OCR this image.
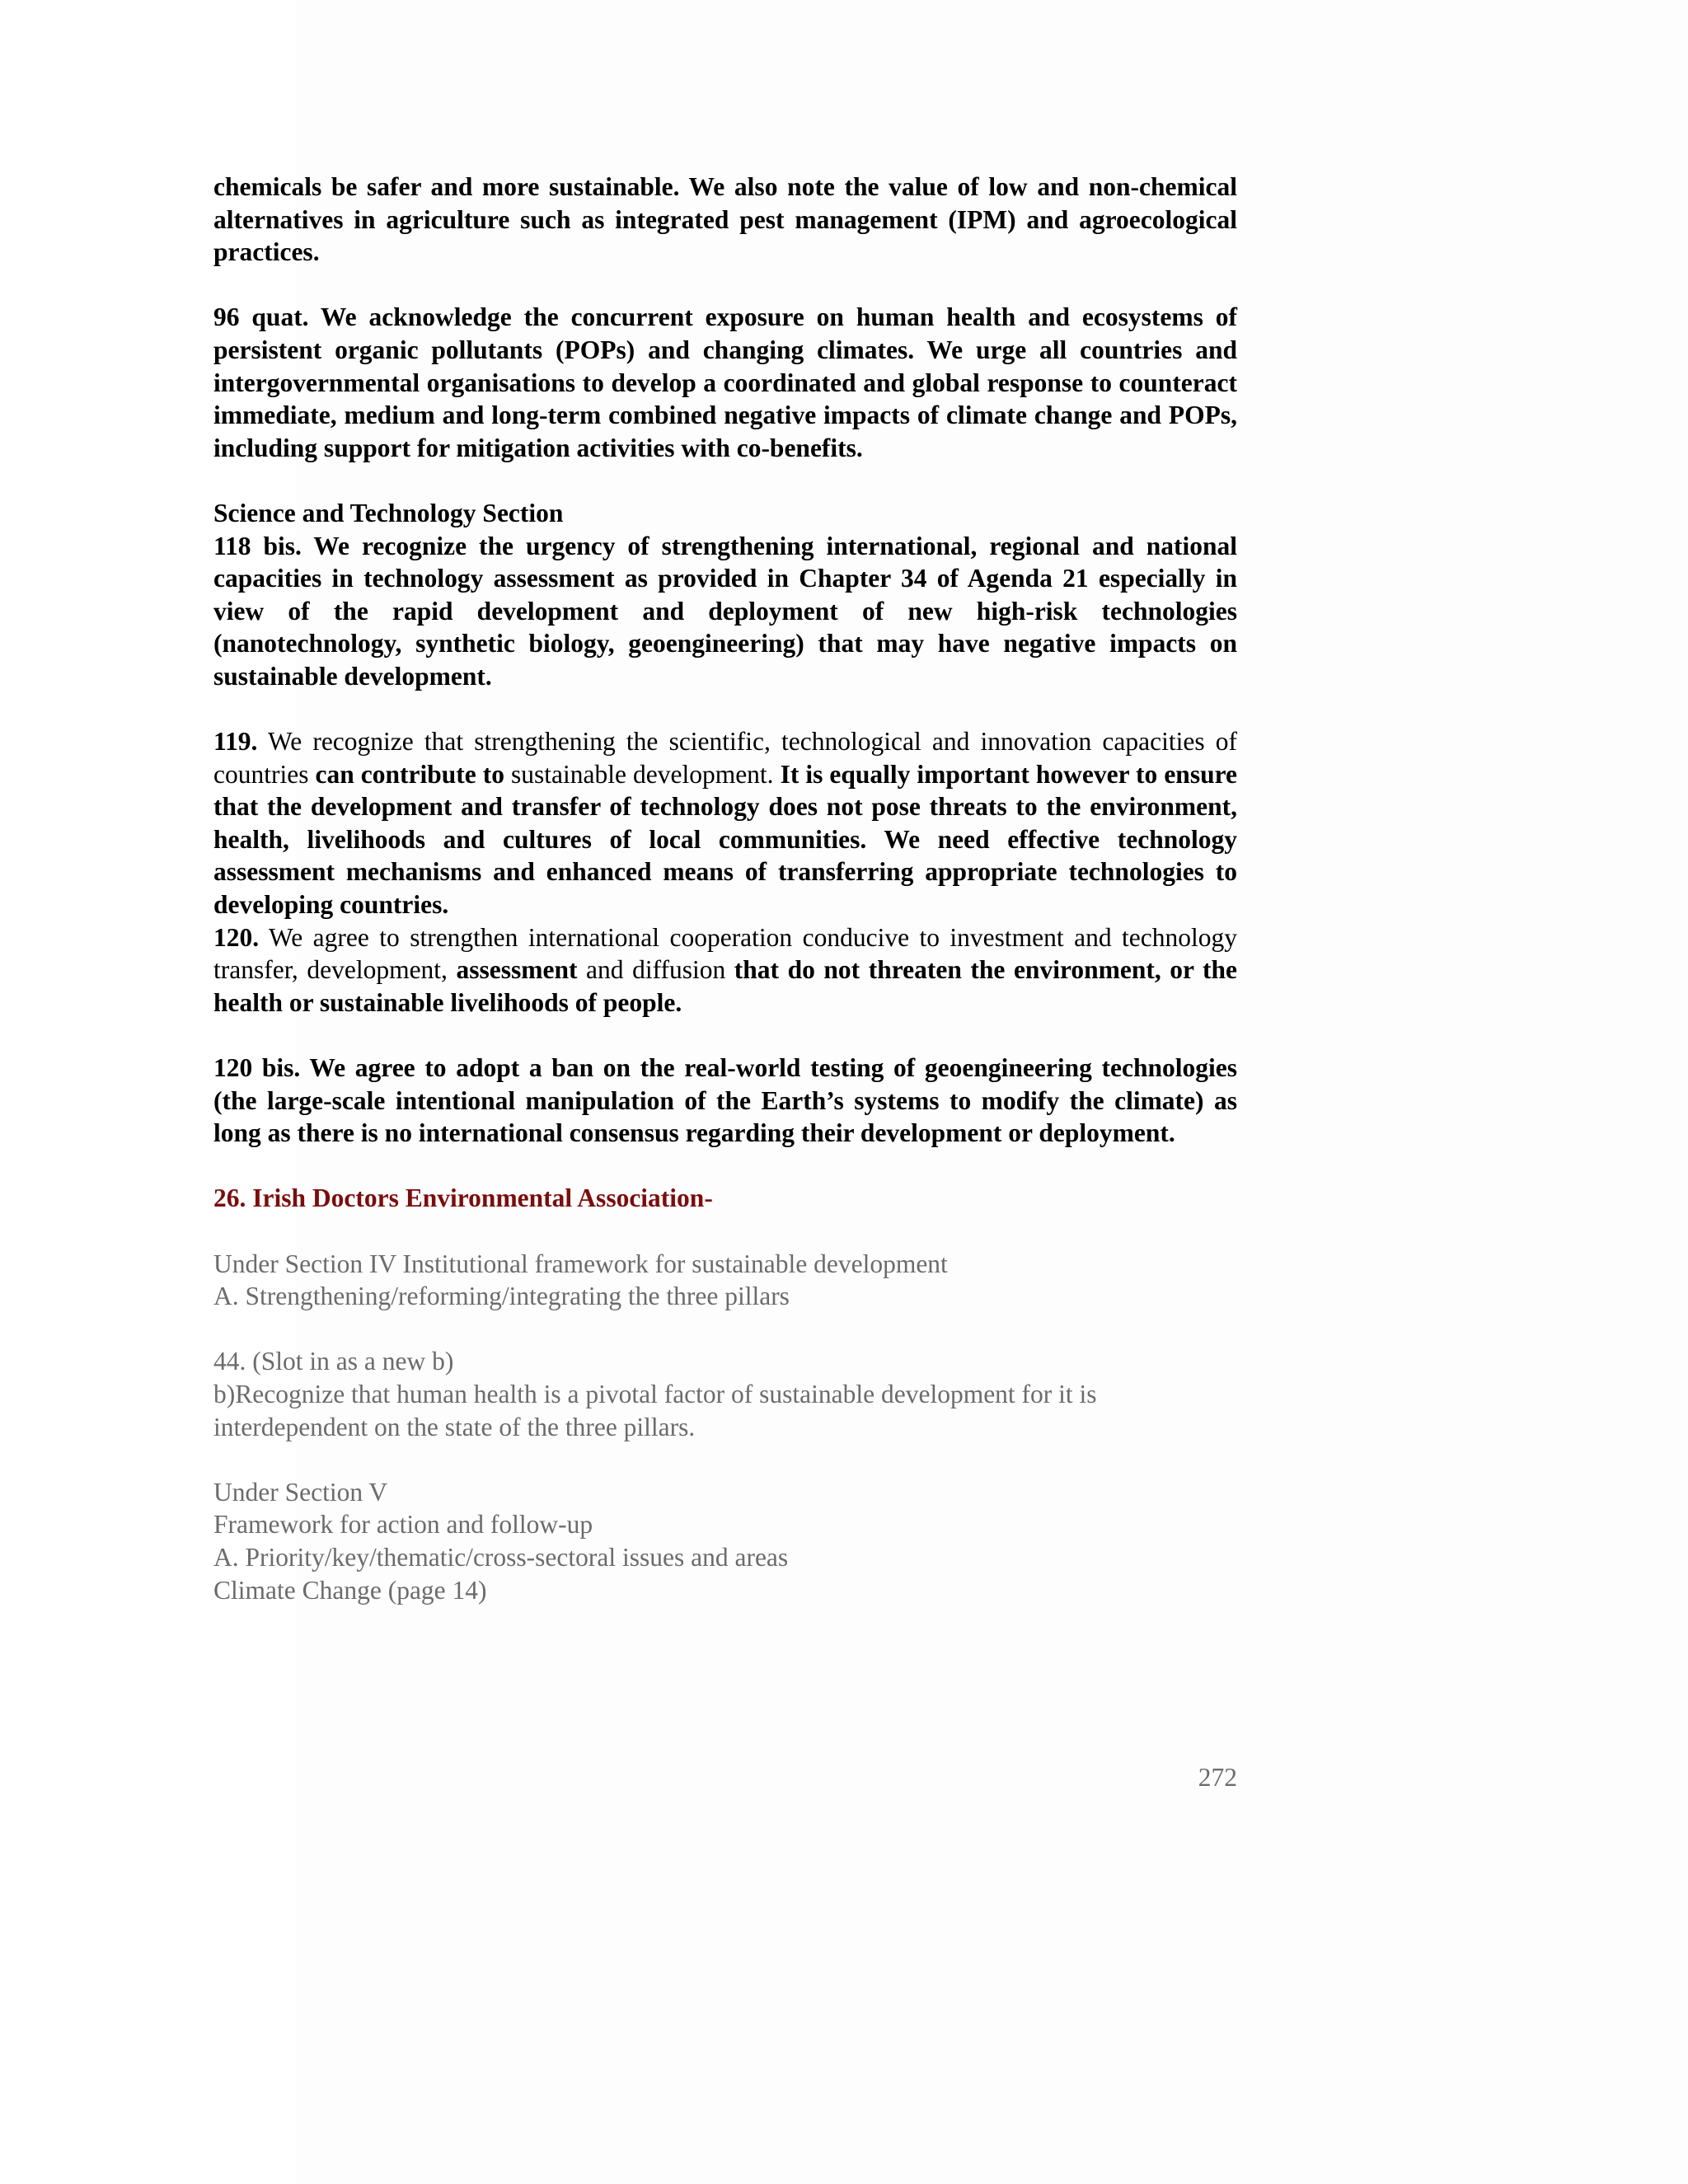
chemicals be safer and more sustainable. We also note the value of low and non-chemical alternatives in agriculture such as integrated pest management (IPM) and agroecological practices.

96 quat. We acknowledge the concurrent exposure on human health and ecosystems of persistent organic pollutants (POPs) and changing climates. We urge all countries and intergovernmental organisations to develop a coordinated and global response to counteract immediate, medium and long-term combined negative impacts of climate change and POPs, including support for mitigation activities with co-benefits.

Science and Technology Section

118 bis. We recognize the urgency of strengthening international, regional and national capacities in technology assessment as provided in Chapter 34 of Agenda 21 especially in view of the rapid development and deployment of new high-risk technologies (nanotechnology, synthetic biology, geoengineering) that may have negative impacts on sustainable development.

119. We recognize that strengthening the scientific, technological and innovation capacities of countries can contribute to sustainable development. It is equally important however to ensure that the development and transfer of technology does not pose threats to the environment, health, livelihoods and cultures of local communities. We need effective technology assessment mechanisms and enhanced means of transferring appropriate technologies to developing countries.

120. We agree to strengthen international cooperation conducive to investment and technology transfer, development, assessment and diffusion that do not threaten the environment, or the health or sustainable livelihoods of people.

120 bis. We agree to adopt a ban on the real-world testing of geoengineering technologies (the large-scale intentional manipulation of the Earth’s systems to modify the climate) as long as there is no international consensus regarding their development or deployment.

26. Irish Doctors Environmental Association-

Under Section IV Institutional framework for sustainable development

A. Strengthening/reforming/integrating the three pillars

44. (Slot in as a new b)

b)Recognize that human health is a pivotal factor of sustainable development for it is

interdependent on the state of the three pillars.

Under Section V

Framework for action and follow-up

A. Priority/key/thematic/cross-sectoral issues and areas

Climate Change (page 14)

272
